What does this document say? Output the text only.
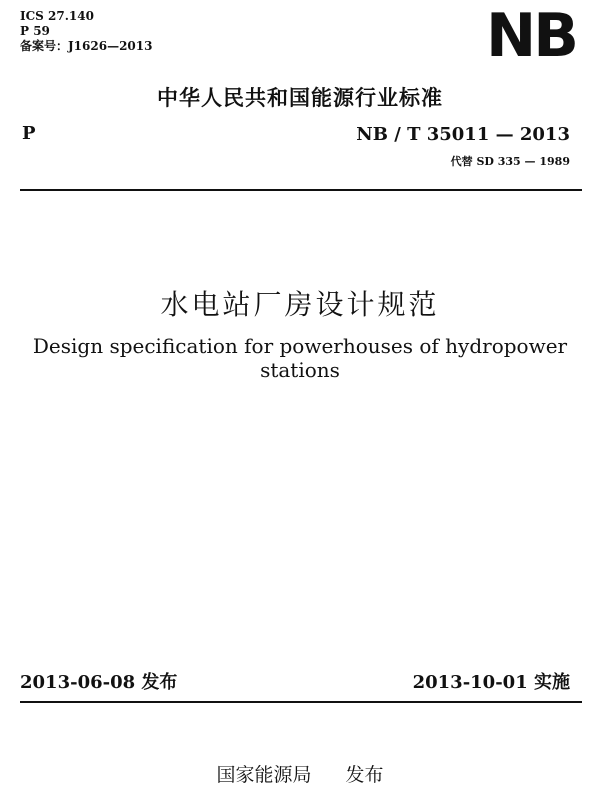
ICS 27.140
P 59
备案号：J1626—2013	NB
中华人民共和国能源行业标准
P	NB / T 35011 — 2013
代替 SD 335 — 1989
水电站厂房设计规范
Design specification for powerhouses of hydropower stations
2013-06-08 发布	2013-10-01 实施
国家能源局 发布
